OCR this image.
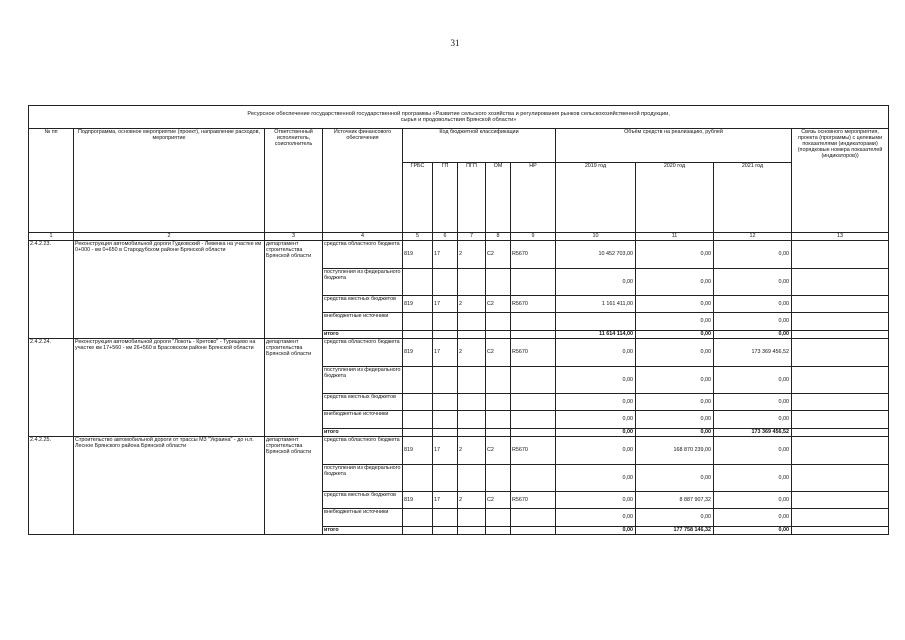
31
Ресурсное обеспечение государственной государственной программы «Развитие сельского хозяйства и регулирования рынков сельскохозяйственной продукции,
сырья и продовольствия Брянской области»												

№ пп	Подпрограмма, основное мероприятие (проект), направление расходов, мероприятие	Ответственный исполнитель, соисполнитель	Источник финансового обеспечения	Код бюджетной классификации					Объём средств на реализацию, рублей			Связь основного мероприятия, проекта (программы) с целевыми показателями (индикаторами) (порядковые номера показателей (индикаторов))
				ГРБС	ГП	ПГП	ОМ	НР	2019 год	2020 год	2021 год	
1	2	3	4	5	6	7	8	9	10	11	12	13
2.4.2.23.	Реконструкция автомобильной дороги Гудковский - Левенка на участке км 0+000 - км 0+650 в Стародубском районе Брянской области	департамент строительства Брянской области	средства областного бюджета	819	17	2	C2	R5670	10 452 703,00	0,00	0,00	
			поступления из федерального бюджета						0,00	0,00	0,00	
			средства местных бюджетов	819	17	2	C2	R5670	1 161 411,00	0,00	0,00	
			внебюджетные источники							0,00	0,00	
			итого						11 614 114,00	0,00	0,00	
2.4.2.24.	Реконструкция автомобильной дороги "Локоть - Кретово" - Турищево на участке км 17+560 - км 26+560 в Брасовском районе Брянской области	департамент строительства Брянской области	средства областного бюджета	819	17	2	C2	R5670	0,00	0,00	173 369 456,52	
			поступления из федерального бюджета						0,00	0,00	0,00	
			средства местных бюджетов						0,00	0,00	0,00	
			внебюджетные источники						0,00	0,00	0,00	
			итого						0,00	0,00	173 369 456,52	
2.4.2.25.	Строительство автомобильной дороги от трассы М3 "Украина" - до н.п. Лесное Брянского района Брянской области	департамент строительства Брянской области	средства областного бюджета	819	17	2	C2	R5670	0,00	168 870 239,00	0,00	
			поступления из федерального бюджета						0,00	0,00	0,00	
			средства местных бюджетов	819	17	2	C2	R5670	0,00	8 887 907,32	0,00	
			внебюджетные источники						0,00	0,00	0,00	
			итого						0,00	177 758 146,32	0,00	
